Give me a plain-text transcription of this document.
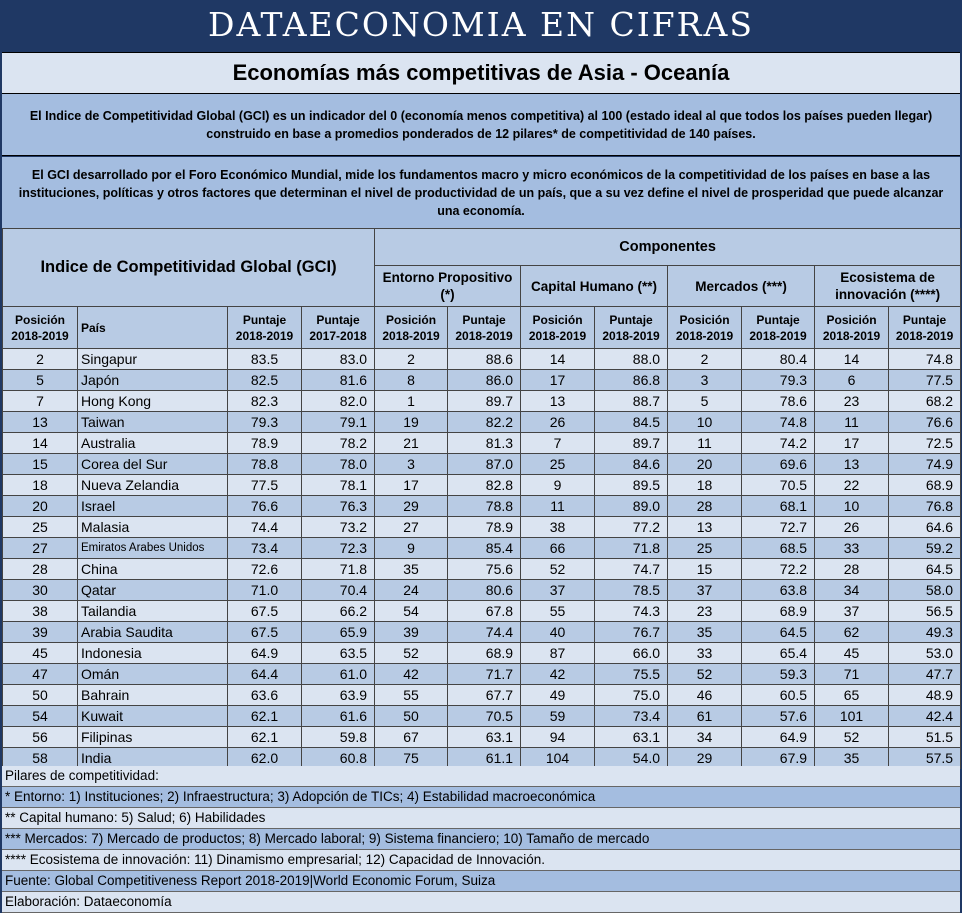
DATAECONOMIA EN CIFRAS
Economías más competitivas de Asia - Oceanía
El Indice de Competitividad Global (GCI) es un indicador del 0 (economía menos competitiva) al 100 (estado ideal al que todos los países pueden llegar) construido en base a promedios ponderados de 12 pilares* de competitividad de 140 países.
El GCI desarrollado por el Foro Económico Mundial, mide los fundamentos macro y micro económicos de la competitividad de los países en base a las instituciones, políticas y otros factores que determinan el nivel de productividad de un país, que a su vez define el nivel de prosperidad que puede alcanzar una economía.
Indice de Competitividad Global (GCI)				Componentes							
				Entorno Propositivo (*)		Capital Humano (**)		Mercados (***)		Ecosistema de innovación (****)	
Posición 2018-2019	País	Puntaje 2018-2019	Puntaje 2017-2018	Posición 2018-2019	Puntaje 2018-2019	Posición 2018-2019	Puntaje 2018-2019	Posición 2018-2019	Puntaje 2018-2019	Posición 2018-2019	Puntaje 2018-2019
2	Singapur	83.5	83.0	2	88.6	14	88.0	2	80.4	14	74.8
5	Japón	82.5	81.6	8	86.0	17	86.8	3	79.3	6	77.5
7	Hong Kong	82.3	82.0	1	89.7	13	88.7	5	78.6	23	68.2
13	Taiwan	79.3	79.1	19	82.2	26	84.5	10	74.8	11	76.6
14	Australia	78.9	78.2	21	81.3	7	89.7	11	74.2	17	72.5
15	Corea del Sur	78.8	78.0	3	87.0	25	84.6	20	69.6	13	74.9
18	Nueva Zelandia	77.5	78.1	17	82.8	9	89.5	18	70.5	22	68.9
20	Israel	76.6	76.3	29	78.8	11	89.0	28	68.1	10	76.8
25	Malasia	74.4	73.2	27	78.9	38	77.2	13	72.7	26	64.6
27	Emiratos Arabes Unidos	73.4	72.3	9	85.4	66	71.8	25	68.5	33	59.2
28	China	72.6	71.8	35	75.6	52	74.7	15	72.2	28	64.5
30	Qatar	71.0	70.4	24	80.6	37	78.5	37	63.8	34	58.0
38	Tailandia	67.5	66.2	54	67.8	55	74.3	23	68.9	37	56.5
39	Arabia Saudita	67.5	65.9	39	74.4	40	76.7	35	64.5	62	49.3
45	Indonesia	64.9	63.5	52	68.9	87	66.0	33	65.4	45	53.0
47	Omán	64.4	61.0	42	71.7	42	75.5	52	59.3	71	47.7
50	Bahrain	63.6	63.9	55	67.7	49	75.0	46	60.5	65	48.9
54	Kuwait	62.1	61.6	50	70.5	59	73.4	61	57.6	101	42.4
56	Filipinas	62.1	59.8	67	63.1	94	63.1	34	64.9	52	51.5
58	India	62.0	60.8	75	61.1	104	54.0	29	67.9	35	57.5
Pilares de competitividad:
* Entorno: 1) Instituciones; 2) Infraestructura; 3) Adopción de TICs; 4) Estabilidad macroeconómica
** Capital humano: 5) Salud; 6) Habilidades
*** Mercados: 7) Mercado de productos; 8) Mercado laboral; 9) Sistema financiero; 10) Tamaño de mercado
**** Ecosistema de innovación: 11) Dinamismo empresarial; 12) Capacidad de Innovación.
Fuente: Global Competitiveness Report 2018-2019|World Economic Forum, Suiza
Elaboración: Dataeconomía
